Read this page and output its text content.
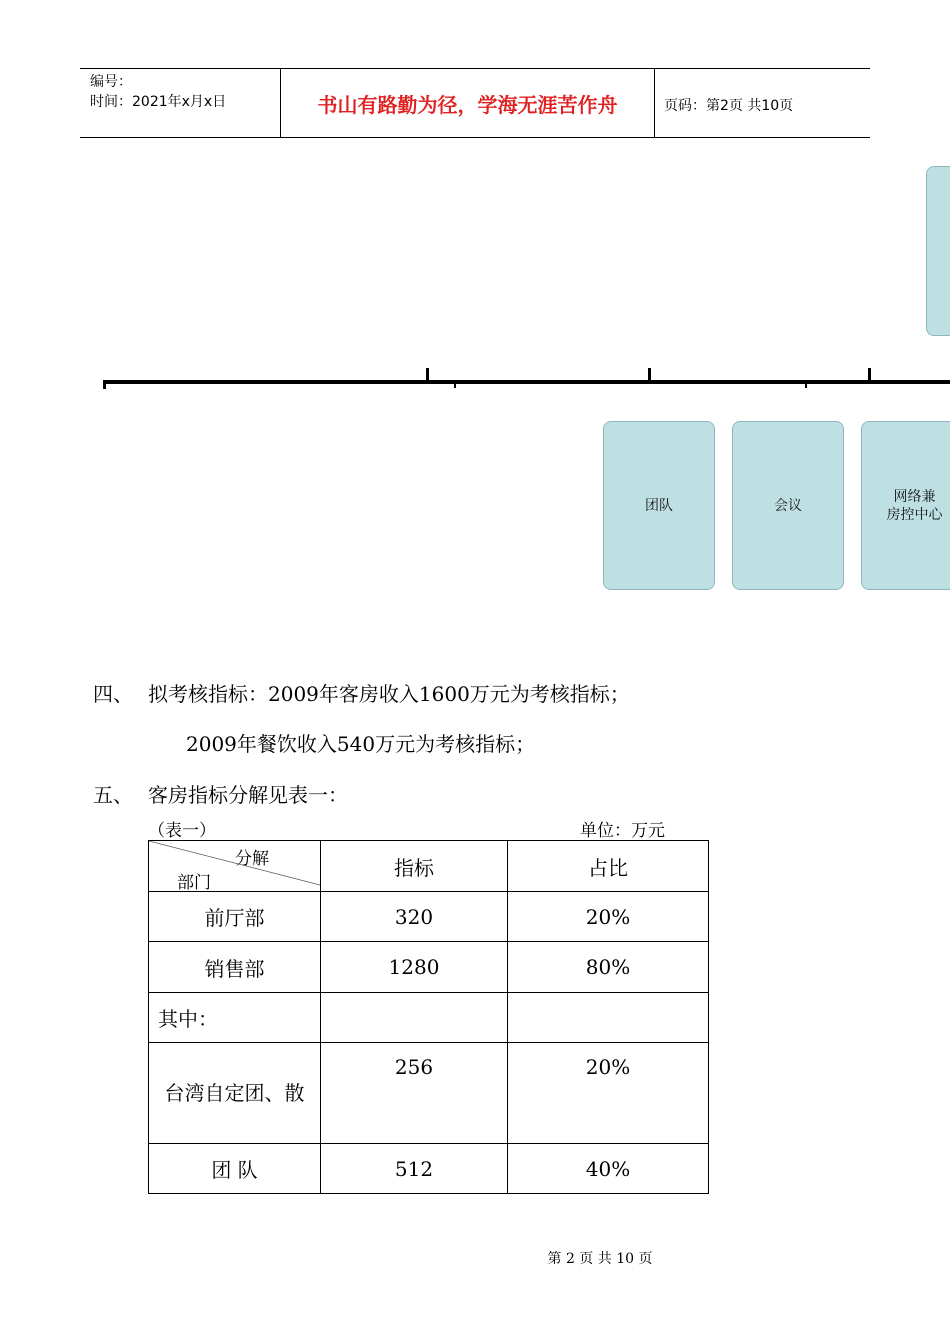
编号：
时间：2021年x月x日	书山有路勤为径，学海无涯苦作舟	页码：第2页 共10页
团队	会议
网络兼
房控中心
四、 拟考核指标：2009年客房收入1600万元为考核指标；
2009年餐饮收入540万元为考核指标；
五、 客房指标分解见表一：
（表一）	单位：万元
分解
部门	指标	占比
前厅部	320	20%
销售部	1280	80%
其中：		
台湾自定团、散	256	20%
团 队	512	40%
第 2 页 共 10 页
